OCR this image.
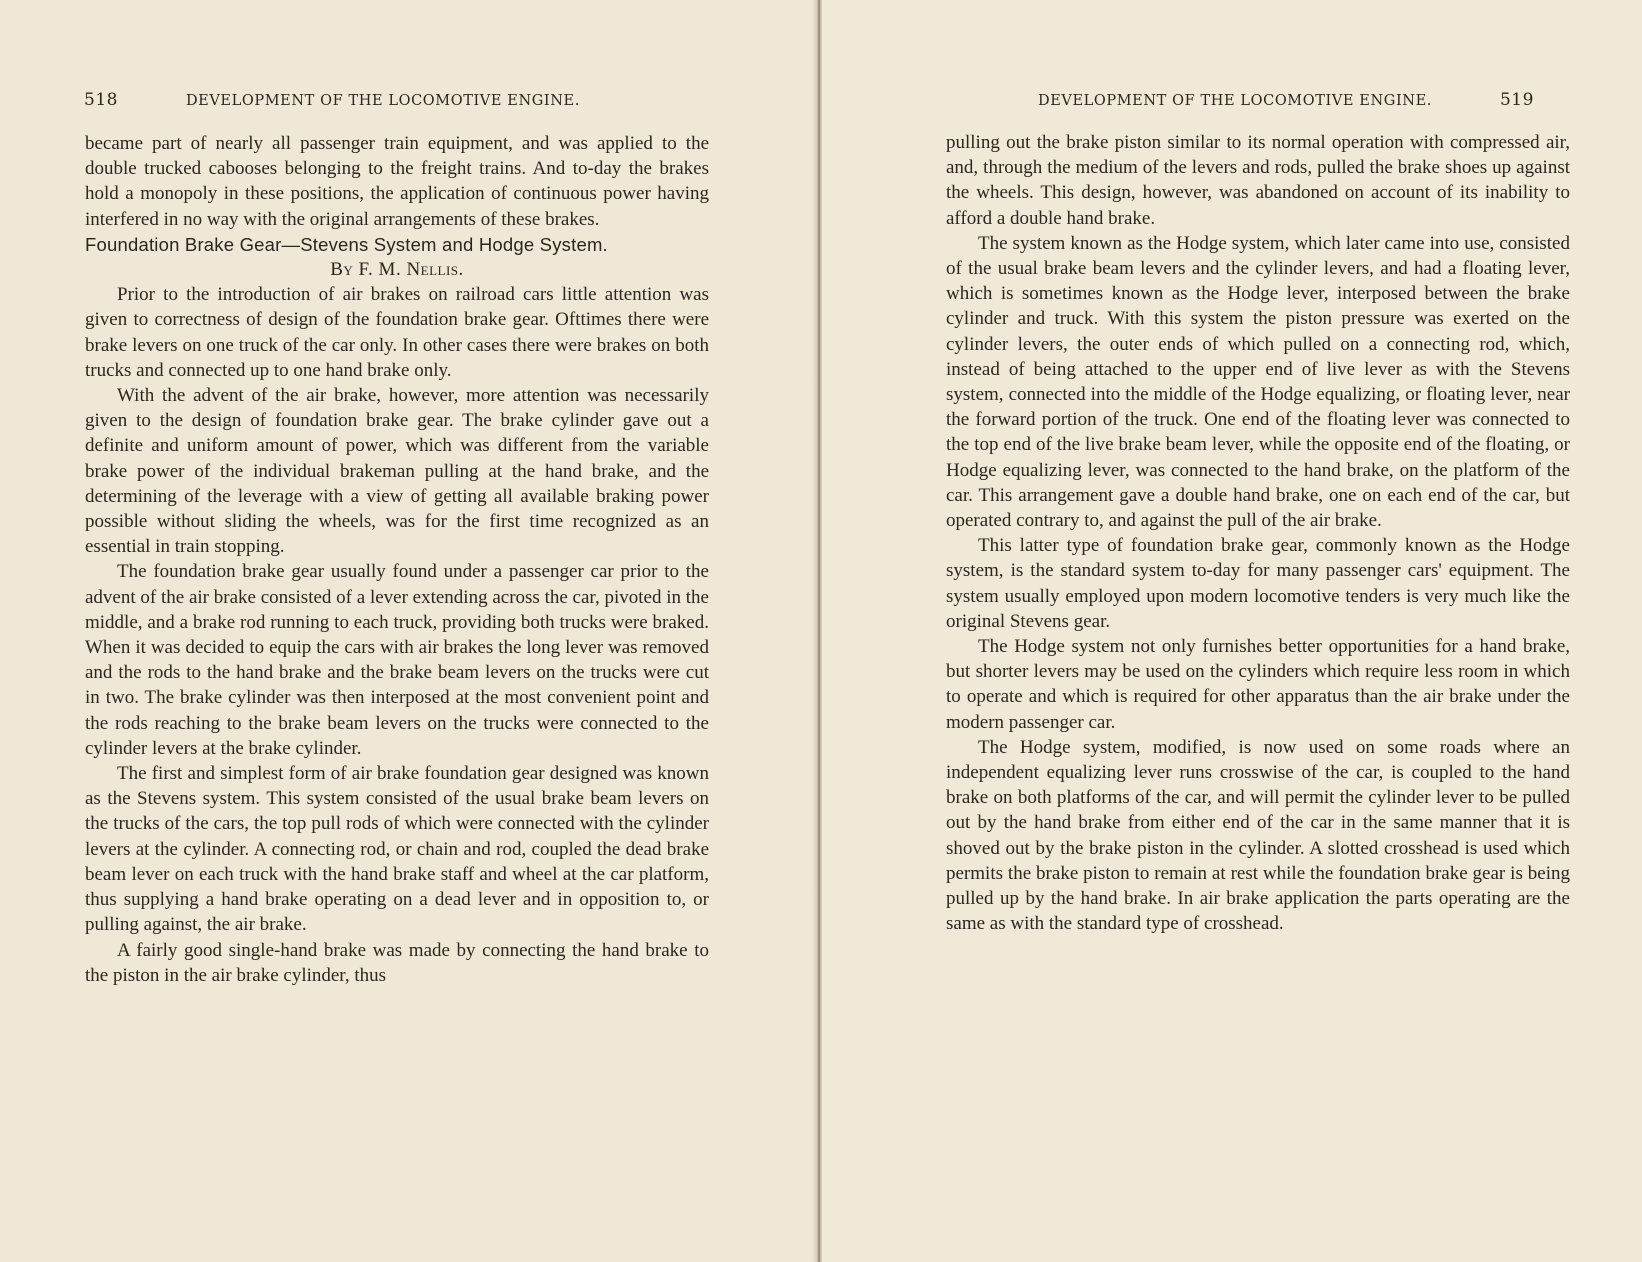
518	DEVELOPMENT OF THE LOCOMOTIVE ENGINE.

became part of nearly all passenger train equipment, and was applied to the double trucked cabooses belonging to the freight trains. And to-day the brakes hold a monopoly in these positions, the application of continuous power having interfered in no way with the original arrangements of these brakes.

Foundation Brake Gear—Stevens System and Hodge System.

By F. M. Nellis.

Prior to the introduction of air brakes on railroad cars little attention was given to correctness of design of the foundation brake gear. Ofttimes there were brake levers on one truck of the car only. In other cases there were brakes on both trucks and connected up to one hand brake only.

With the advent of the air brake, however, more attention was necessarily given to the design of foundation brake gear. The brake cylinder gave out a definite and uniform amount of power, which was different from the variable brake power of the individual brakeman pulling at the hand brake, and the determining of the leverage with a view of getting all available braking power possible without sliding the wheels, was for the first time recognized as an essential in train stopping.

The foundation brake gear usually found under a passenger car prior to the advent of the air brake consisted of a lever extending across the car, pivoted in the middle, and a brake rod running to each truck, providing both trucks were braked. When it was decided to equip the cars with air brakes the long lever was removed and the rods to the hand brake and the brake beam levers on the trucks were cut in two. The brake cylinder was then interposed at the most convenient point and the rods reaching to the brake beam levers on the trucks were connected to the cylinder levers at the brake cylinder.

The first and simplest form of air brake foundation gear designed was known as the Stevens system. This system consisted of the usual brake beam levers on the trucks of the cars, the top pull rods of which were connected with the cylinder levers at the cylinder. A connecting rod, or chain and rod, coupled the dead brake beam lever on each truck with the hand brake staff and wheel at the car platform, thus supplying a hand brake operating on a dead lever and in opposition to, or pulling against, the air brake.

A fairly good single-hand brake was made by connecting the hand brake to the piston in the air brake cylinder, thus

DEVELOPMENT OF THE LOCOMOTIVE ENGINE.	519

pulling out the brake piston similar to its normal operation with compressed air, and, through the medium of the levers and rods, pulled the brake shoes up against the wheels. This design, however, was abandoned on account of its inability to afford a double hand brake.

The system known as the Hodge system, which later came into use, consisted of the usual brake beam levers and the cylinder levers, and had a floating lever, which is sometimes known as the Hodge lever, interposed between the brake cylinder and truck. With this system the piston pressure was exerted on the cylinder levers, the outer ends of which pulled on a connecting rod, which, instead of being attached to the upper end of live lever as with the Stevens system, connected into the middle of the Hodge equalizing, or floating lever, near the forward portion of the truck. One end of the floating lever was connected to the top end of the live brake beam lever, while the opposite end of the floating, or Hodge equalizing lever, was connected to the hand brake, on the platform of the car. This arrangement gave a double hand brake, one on each end of the car, but operated contrary to, and against the pull of the air brake.

This latter type of foundation brake gear, commonly known as the Hodge system, is the standard system to-day for many passenger cars' equipment. The system usually employed upon modern locomotive tenders is very much like the original Stevens gear.

The Hodge system not only furnishes better opportunities for a hand brake, but shorter levers may be used on the cylinders which require less room in which to operate and which is required for other apparatus than the air brake under the modern passenger car.

The Hodge system, modified, is now used on some roads where an independent equalizing lever runs crosswise of the car, is coupled to the hand brake on both platforms of the car, and will permit the cylinder lever to be pulled out by the hand brake from either end of the car in the same manner that it is shoved out by the brake piston in the cylinder. A slotted crosshead is used which permits the brake piston to remain at rest while the foundation brake gear is being pulled up by the hand brake. In air brake application the parts operating are the same as with the standard type of crosshead.
